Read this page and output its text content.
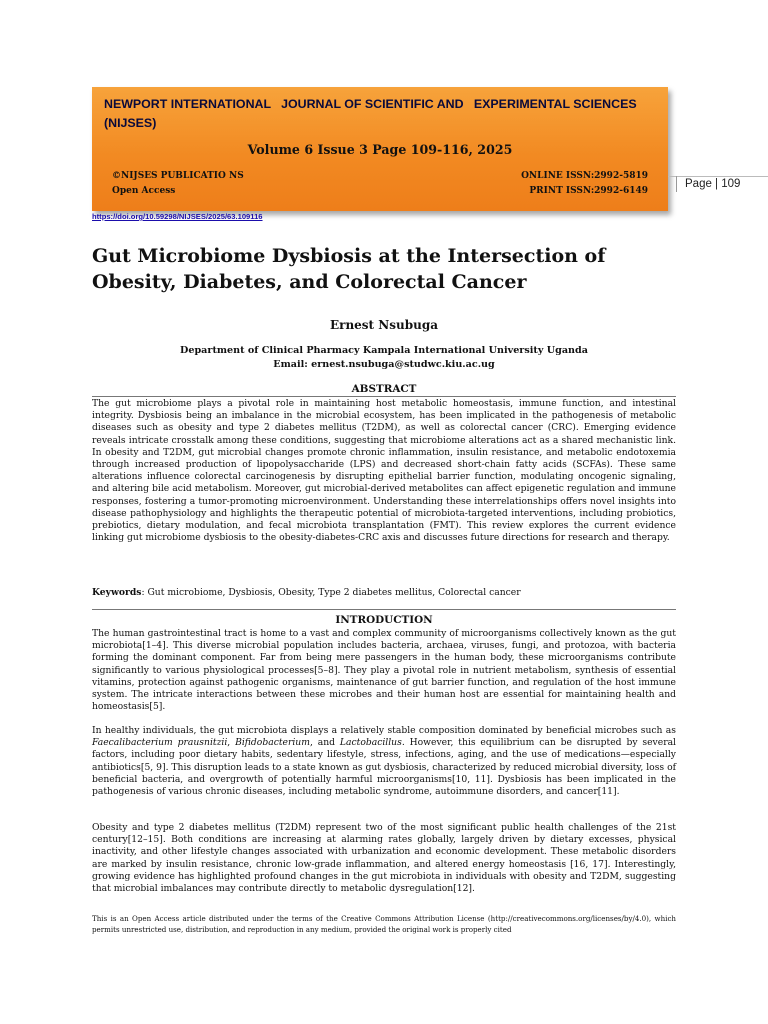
NEWPORT INTERNATIONAL   JOURNAL OF SCIENTIFIC AND   EXPERIMENTAL SCIENCES (NIJSES)
Volume 6 Issue 3 Page 109-116, 2025
©NIJSES PUBLICATIO NS
Open Access
ONLINE ISSN:2992-5819
PRINT ISSN:2992-6149
Page | 109
https://doi.org/10.59298/NIJSES/2025/63.109116
Gut Microbiome Dysbiosis at the Intersection of Obesity, Diabetes, and Colorectal Cancer
Ernest Nsubuga
Department of Clinical Pharmacy Kampala International University Uganda
Email: ernest.nsubuga@studwc.kiu.ac.ug
ABSTRACT
The gut microbiome plays a pivotal role in maintaining host metabolic homeostasis, immune function, and intestinal integrity. Dysbiosis being an imbalance in the microbial ecosystem, has been implicated in the pathogenesis of metabolic diseases such as obesity and type 2 diabetes mellitus (T2DM), as well as colorectal cancer (CRC). Emerging evidence reveals intricate crosstalk among these conditions, suggesting that microbiome alterations act as a shared mechanistic link. In obesity and T2DM, gut microbial changes promote chronic inflammation, insulin resistance, and metabolic endotoxemia through increased production of lipopolysaccharide (LPS) and decreased short-chain fatty acids (SCFAs). These same alterations influence colorectal carcinogenesis by disrupting epithelial barrier function, modulating oncogenic signaling, and altering bile acid metabolism. Moreover, gut microbial-derived metabolites can affect epigenetic regulation and immune responses, fostering a tumor-promoting microenvironment. Understanding these interrelationships offers novel insights into disease pathophysiology and highlights the therapeutic potential of microbiota-targeted interventions, including probiotics, prebiotics, dietary modulation, and fecal microbiota transplantation (FMT). This review explores the current evidence linking gut microbiome dysbiosis to the obesity-diabetes-CRC axis and discusses future directions for research and therapy.
Keywords: Gut microbiome, Dysbiosis, Obesity, Type 2 diabetes mellitus, Colorectal cancer
INTRODUCTION
The human gastrointestinal tract is home to a vast and complex community of microorganisms collectively known as the gut microbiota[1–4]. This diverse microbial population includes bacteria, archaea, viruses, fungi, and protozoa, with bacteria forming the dominant component. Far from being mere passengers in the human body, these microorganisms contribute significantly to various physiological processes[5–8]. They play a pivotal role in nutrient metabolism, synthesis of essential vitamins, protection against pathogenic organisms, maintenance of gut barrier function, and regulation of the host immune system. The intricate interactions between these microbes and their human host are essential for maintaining health and homeostasis[5].
In healthy individuals, the gut microbiota displays a relatively stable composition dominated by beneficial microbes such as Faecalibacterium prausnitzii, Bifidobacterium, and Lactobacillus. However, this equilibrium can be disrupted by several factors, including poor dietary habits, sedentary lifestyle, stress, infections, aging, and the use of medications—especially antibiotics[5, 9]. This disruption leads to a state known as gut dysbiosis, characterized by reduced microbial diversity, loss of beneficial bacteria, and overgrowth of potentially harmful microorganisms[10, 11]. Dysbiosis has been implicated in the pathogenesis of various chronic diseases, including metabolic syndrome, autoimmune disorders, and cancer[11].
Obesity and type 2 diabetes mellitus (T2DM) represent two of the most significant public health challenges of the 21st century[12–15]. Both conditions are increasing at alarming rates globally, largely driven by dietary excesses, physical inactivity, and other lifestyle changes associated with urbanization and economic development. These metabolic disorders are marked by insulin resistance, chronic low-grade inflammation, and altered energy homeostasis [16, 17]. Interestingly, growing evidence has highlighted profound changes in the gut microbiota in individuals with obesity and T2DM, suggesting that microbial imbalances may contribute directly to metabolic dysregulation[12].
This is an Open Access article distributed under the terms of the Creative Commons Attribution License (http://creativecommons.org/licenses/by/4.0), which permits unrestricted use, distribution, and reproduction in any medium, provided the original work is properly cited
